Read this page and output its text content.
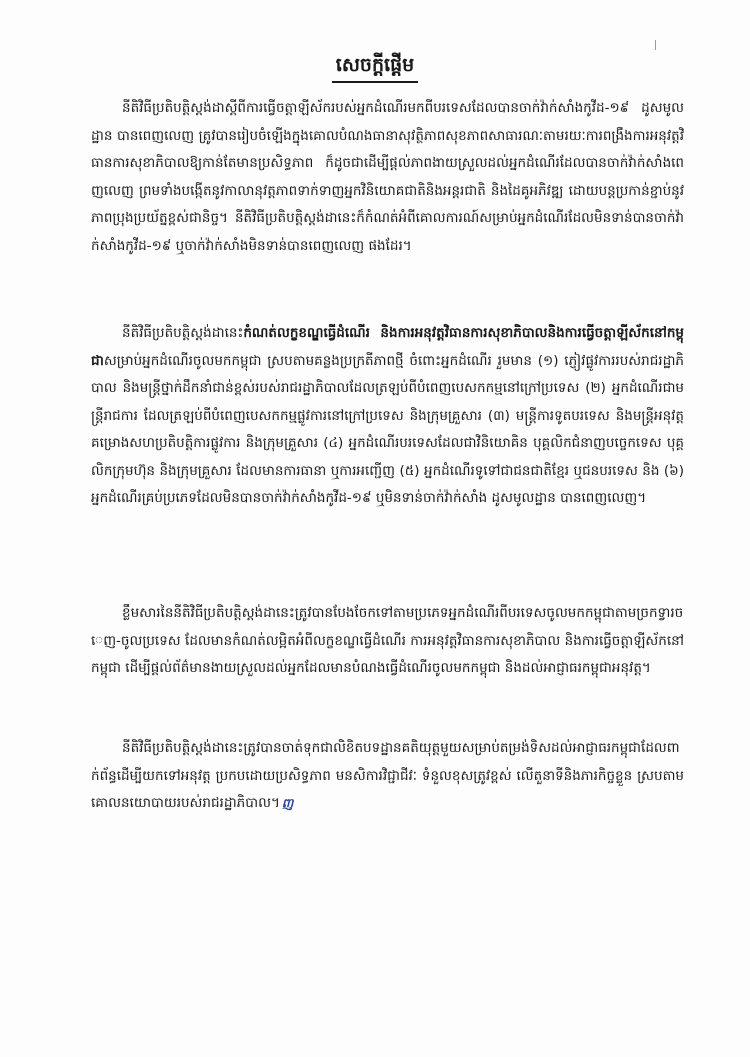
សេចក្ដីផ្ដើម

នីតិវិធីប្រតិបត្តិស្ដង់ដាស្ដីពីការធ្វើចត្តាឡីស័ករបស់អ្នកដំណើរមកពីបរទេសដែលបានចាក់វ៉ាក់សាំងកូវីដ-១៩ ដូសមូលដ្ឋាន បានពេញលេញ ត្រូវបានរៀបចំឡើងក្នុងគោលបំណងធានាសុវត្ថិភាពសុខភាពសាធារណៈតាមរយៈការពង្រឹងការអនុវត្តវិធានការសុខាភិបាលឱ្យកាន់តែមានប្រសិទ្ធភាព ក៏ដូចជាដើម្បីផ្ដល់ភាពងាយស្រួលដល់អ្នកដំណើរដែលបានចាក់វ៉ាក់សាំងពេញលេញ ព្រមទាំងបង្កើតនូវកាលានុវត្តភាពទាក់ទាញអ្នកវិនិយោគជាតិនិងអន្តរជាតិ និងដៃគូអភិវឌ្ឍ ដោយបន្តប្រកាន់ខ្ជាប់នូវភាពប្រុងប្រយ័ត្នខ្ពស់ជានិច្ច។ នីតិវិធីប្រតិបត្តិស្ដង់ដានេះក៏កំណត់អំពីគោលការណ៍សម្រាប់អ្នកដំណើរដែលមិនទាន់បានចាក់វ៉ាក់សាំងកូវីដ-១៩ ឬចាក់វ៉ាក់សាំងមិនទាន់បានពេញលេញ ផងដែរ។

នីតិវិធីប្រតិបត្តិស្ដង់ដានេះកំណត់លក្ខខណ្ឌធ្វើដំណើរ និងការអនុវត្តវិធានការសុខាភិបាលនិងការធ្វើចត្តាឡីស័កនៅកម្ពុជាសម្រាប់អ្នកដំណើរចូលមកកម្ពុជា ស្របតាមគន្លងប្រក្រតីភាពថ្មី ចំពោះអ្នកដំណើរ រួមមាន (១) ភ្ញៀវផ្លូវការរបស់រាជរដ្ឋាភិបាល និងមន្ត្រីថ្នាក់ដឹកនាំជាន់ខ្ពស់របស់រាជរដ្ឋាភិបាលដែលត្រឡប់ពីបំពេញបេសកកម្មនៅក្រៅប្រទេស (២) អ្នកដំណើរជាមន្ត្រីរាជការ ដែលត្រឡប់ពីបំពេញបេសកកម្មផ្លូវការនៅក្រៅប្រទេស និងក្រុមគ្រួសារ (៣) មន្ត្រីការទូតបរទេស និងមន្ត្រីអនុវត្តគម្រោងសហប្រតិបត្តិការផ្លូវការ និងក្រុមគ្រួសារ (៤) អ្នកដំណើរបរទេសដែលជាវិនិយោគិន បុគ្គលិកជំនាញបច្ចេកទេស បុគ្គលិកក្រុមហ៊ុន និងក្រុមគ្រួសារ ដែលមានការធានា ឬការអញ្ជើញ (៥) អ្នកដំណើរទូទៅជាជនជាតិខ្មែរ ឬជនបរទេស និង (៦) អ្នកដំណើរគ្រប់ប្រភេទដែលមិនបានចាក់វ៉ាក់សាំងកូវីដ-១៩ ឬមិនទាន់ចាក់វ៉ាក់សាំង ដូសមូលដ្ឋាន បានពេញលេញ។

ខ្លឹមសារនៃនីតិវិធីប្រតិបត្តិស្ដង់ដានេះត្រូវបានបែងចែកទៅតាមប្រភេទអ្នកដំណើរពីបរទេសចូលមកកម្ពុជាតាមច្រកទ្វារចេញ-ចូលប្រទេស ដែលមានកំណត់លម្អិតអំពីលក្ខខណ្ឌធ្វើដំណើរ ការអនុវត្តវិធានការសុខាភិបាល និងការធ្វើចត្តាឡីស័កនៅកម្ពុជា ដើម្បីផ្ដល់ព័ត៌មានងាយស្រួលដល់អ្នកដែលមានបំណងធ្វើដំណើរចូលមកកម្ពុជា និងដល់អាជ្ញាធរកម្ពុជាអនុវត្ត។

នីតិវិធីប្រតិបត្តិស្ដង់ដានេះត្រូវបានចាត់ទុកជាលិខិតបទដ្ឋានគតិយុត្តមួយសម្រាប់តម្រង់ទិសដល់អាជ្ញាធរកម្ពុជាដែលពាក់ព័ន្ធដើម្បីយកទៅអនុវត្ត ប្រកបដោយប្រសិទ្ធភាព មនសិការវិជ្ជាជីវៈ ទំនួលខុសត្រូវខ្ពស់ លើតួនាទីនិងភារកិច្ចខ្លួន ស្របតាមគោលនយោបាយរបស់រាជរដ្ឋាភិបាល។ ញ
